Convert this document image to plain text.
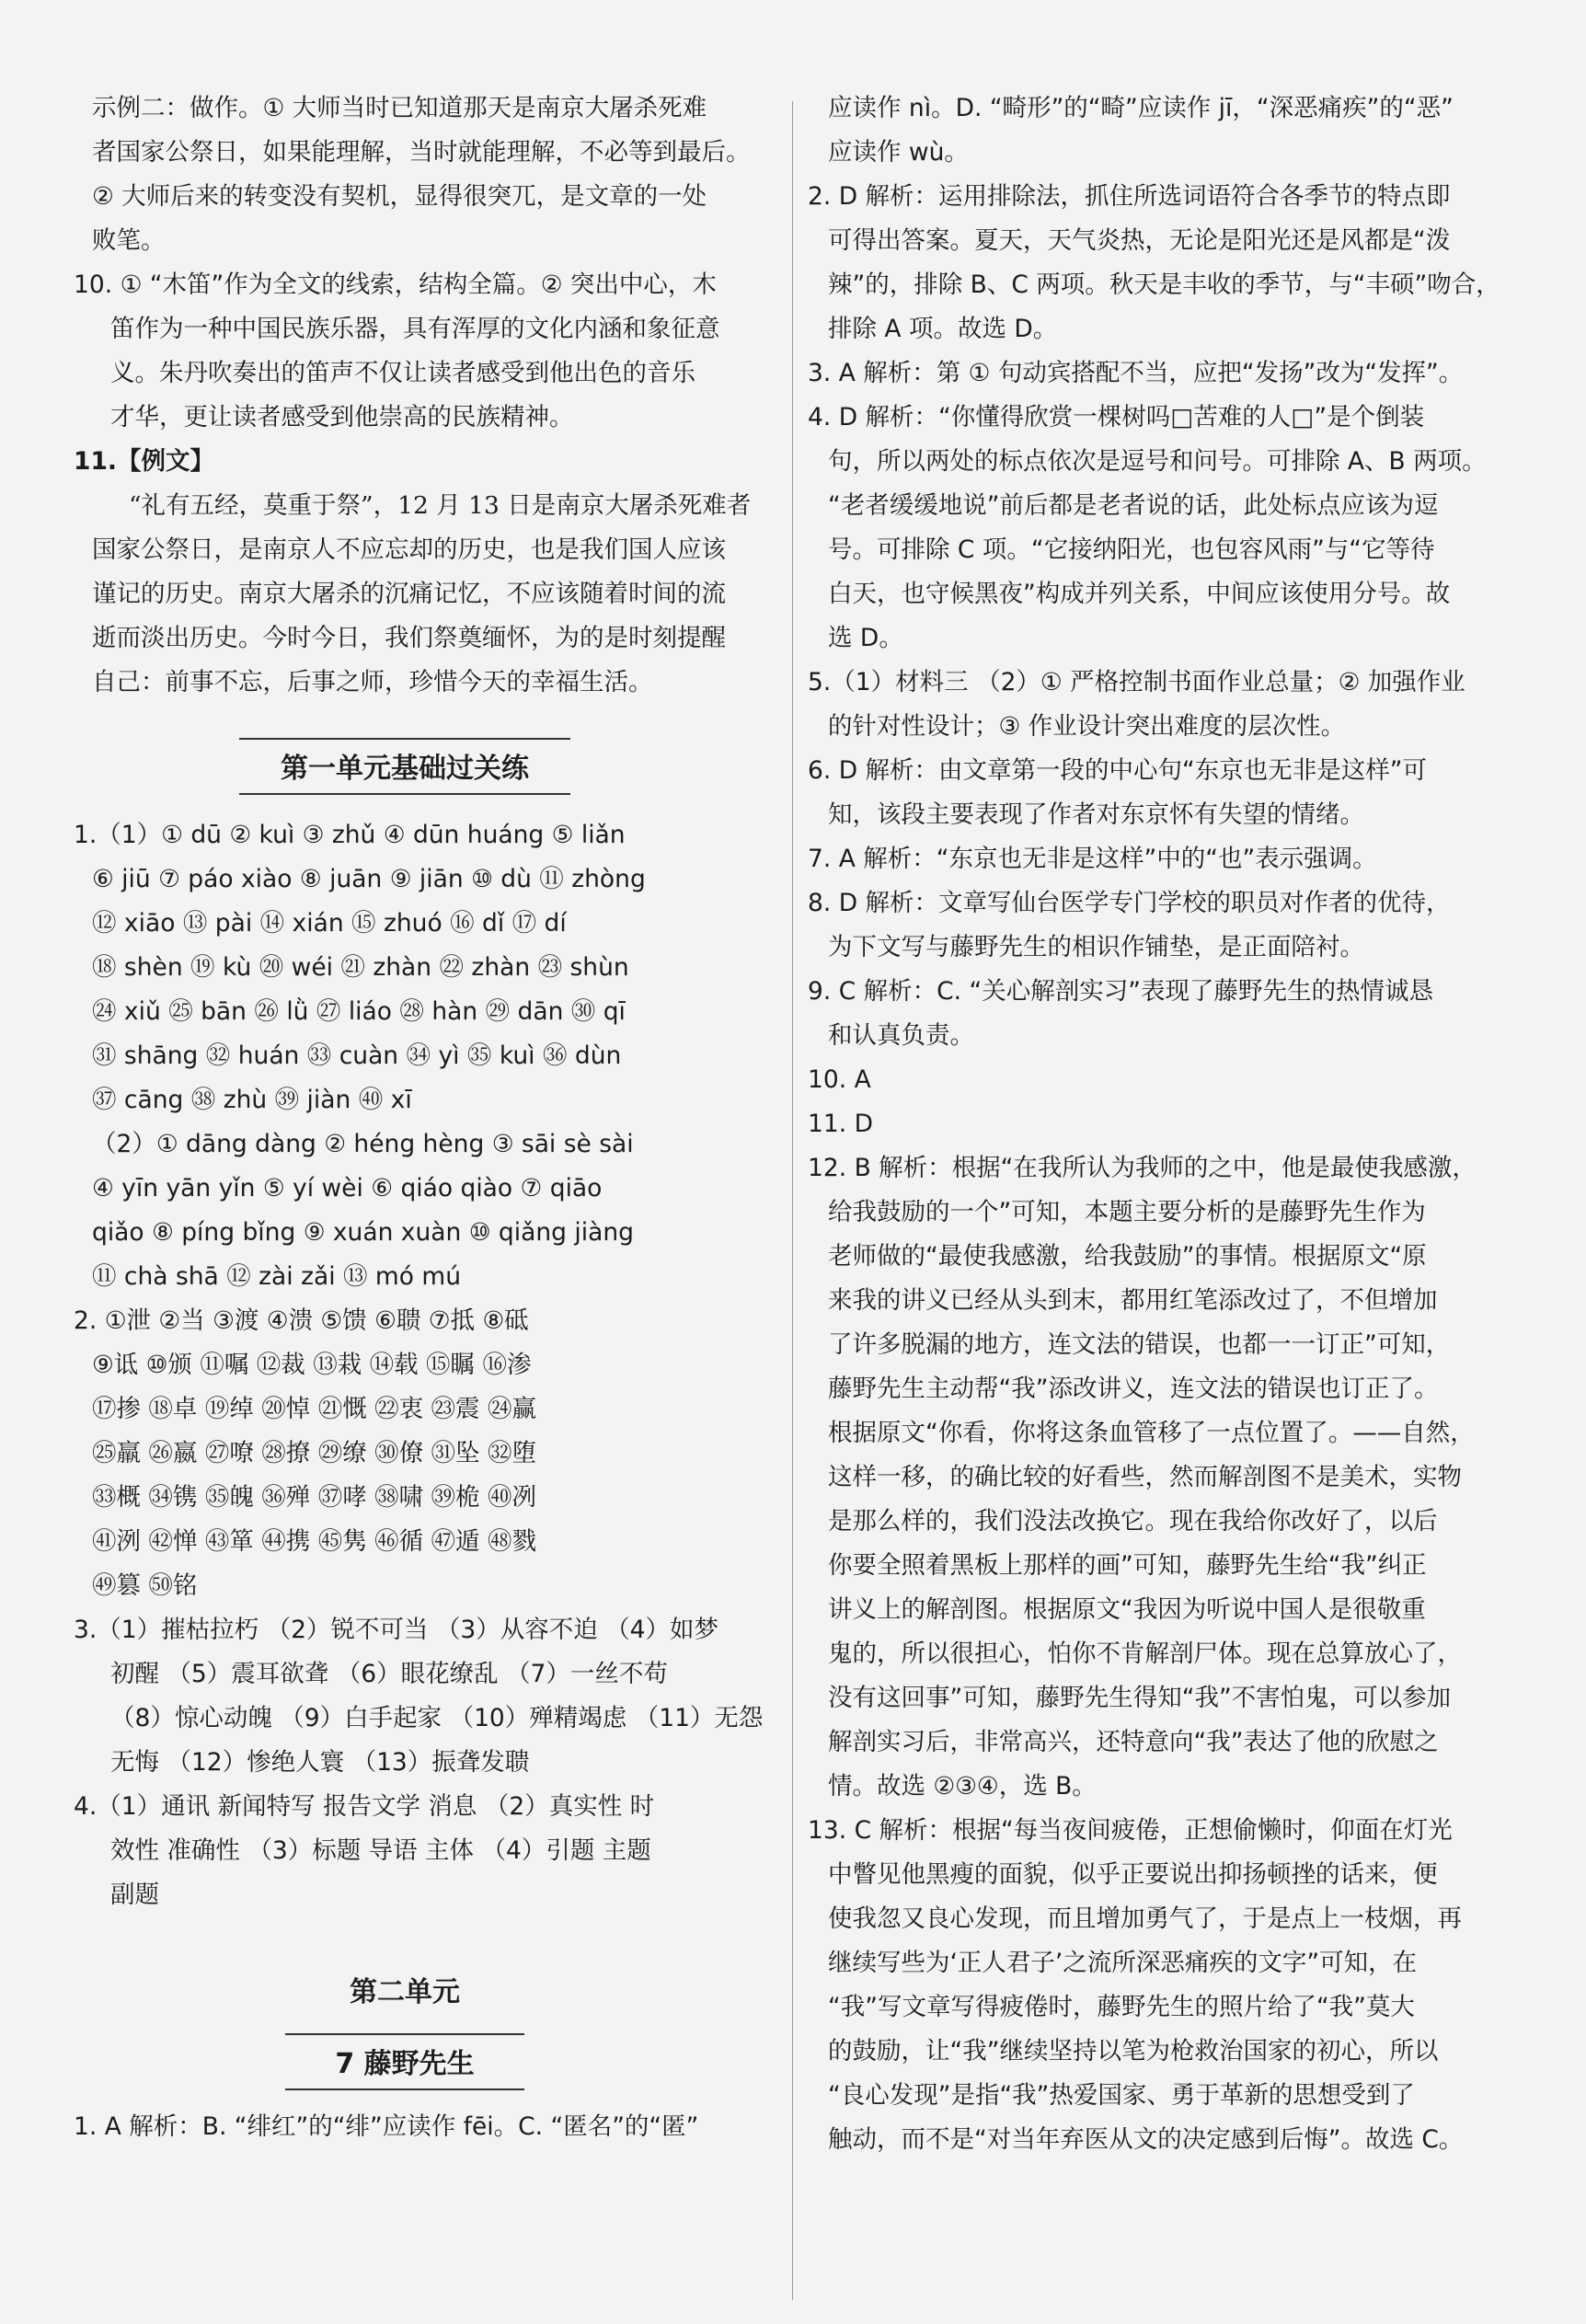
示例二：做作。① 大师当时已知道那天是南京大屠杀死难
者国家公祭日，如果能理解，当时就能理解，不必等到最后。
② 大师后来的转变没有契机，显得很突兀，是文章的一处
败笔。
10. ① “木笛”作为全文的线索，结构全篇。② 突出中心，木
笛作为一种中国民族乐器，具有浑厚的文化内涵和象征意
义。朱丹吹奏出的笛声不仅让读者感受到他出色的音乐
才华，更让读者感受到他崇高的民族精神。
11.【例文】
“礼有五经，莫重于祭”，12 月 13 日是南京大屠杀死难者
国家公祭日，是南京人不应忘却的历史，也是我们国人应该
谨记的历史。南京大屠杀的沉痛记忆，不应该随着时间的流
逝而淡出历史。今时今日，我们祭奠缅怀，为的是时刻提醒
自己：前事不忘，后事之师，珍惜今天的幸福生活。
第一单元基础过关练
1.（1）① dū ② kuì ③ zhǔ ④ dūn huáng ⑤ liǎn
⑥ jiū ⑦ páo xiào ⑧ juān ⑨ jiān ⑩ dù ⑪ zhòng
⑫ xiāo ⑬ pài ⑭ xián ⑮ zhuó ⑯ dǐ ⑰ dí
⑱ shèn ⑲ kù ⑳ wéi ㉑ zhàn ㉒ zhàn ㉓ shùn
㉔ xiǔ ㉕ bān ㉖ lǜ ㉗ liáo ㉘ hàn ㉙ dān ㉚ qī
㉛ shāng ㉜ huán ㉝ cuàn ㉞ yì ㉟ kuì ㊱ dùn
㊲ cāng ㊳ zhù ㊴ jiàn ㊵ xī
（2）① dāng dàng ② héng hèng ③ sāi sè sài
④ yīn yān yǐn ⑤ yí wèi ⑥ qiáo qiào ⑦ qiāo
qiǎo ⑧ píng bǐng ⑨ xuán xuàn ⑩ qiǎng jiàng
⑪ chà shā ⑫ zài zǎi ⑬ mó mú
2. ①泄 ②当 ③渡 ④溃 ⑤馈 ⑥聩 ⑦抵 ⑧砥
⑨诋 ⑩颁 ⑪嘱 ⑫裁 ⑬栽 ⑭载 ⑮瞩 ⑯渗
⑰掺 ⑱卓 ⑲绰 ⑳悼 ㉑慨 ㉒衷 ㉓震 ㉔赢
㉕羸 ㉖嬴 ㉗嘹 ㉘撩 ㉙缭 ㉚僚 ㉛坠 ㉜堕
㉝概 ㉞镌 ㉟魄 ㊱殚 ㊲哮 ㊳啸 ㊴桅 ㊵冽
㊶洌 ㊷惮 ㊸箪 ㊹携 ㊺隽 ㊻循 ㊼遁 ㊽戮
㊾篡 ㊿铭
3.（1）摧枯拉朽 （2）锐不可当 （3）从容不迫 （4）如梦
初醒 （5）震耳欲聋 （6）眼花缭乱 （7）一丝不苟
（8）惊心动魄 （9）白手起家 （10）殚精竭虑 （11）无怨
无悔 （12）惨绝人寰 （13）振聋发聩
4.（1）通讯 新闻特写 报告文学 消息 （2）真实性 时
效性 准确性 （3）标题 导语 主体 （4）引题 主题
副题
第二单元
7 藤野先生
1. A 解析：B. “绯红”的“绯”应读作 fēi。C. “匿名”的“匿”
应读作 nì。D. “畸形”的“畸”应读作 jī，“深恶痛疾”的“恶”
应读作 wù。
2. D 解析：运用排除法，抓住所选词语符合各季节的特点即
可得出答案。夏天，天气炎热，无论是阳光还是风都是“泼
辣”的，排除 B、C 两项。秋天是丰收的季节，与“丰硕”吻合，
排除 A 项。故选 D。
3. A 解析：第 ① 句动宾搭配不当，应把“发扬”改为“发挥”。
4. D 解析：“你懂得欣赏一棵树吗□苦难的人□”是个倒装
句，所以两处的标点依次是逗号和问号。可排除 A、B 两项。
“老者缓缓地说”前后都是老者说的话，此处标点应该为逗
号。可排除 C 项。“它接纳阳光，也包容风雨”与“它等待
白天，也守候黑夜”构成并列关系，中间应该使用分号。故
选 D。
5.（1）材料三 （2）① 严格控制书面作业总量；② 加强作业
的针对性设计；③ 作业设计突出难度的层次性。
6. D 解析：由文章第一段的中心句“东京也无非是这样”可
知，该段主要表现了作者对东京怀有失望的情绪。
7. A 解析：“东京也无非是这样”中的“也”表示强调。
8. D 解析：文章写仙台医学专门学校的职员对作者的优待，
为下文写与藤野先生的相识作铺垫，是正面陪衬。
9. C 解析：C. “关心解剖实习”表现了藤野先生的热情诚恳
和认真负责。
10. A
11. D
12. B 解析：根据“在我所认为我师的之中，他是最使我感激，
给我鼓励的一个”可知，本题主要分析的是藤野先生作为
老师做的“最使我感激，给我鼓励”的事情。根据原文“原
来我的讲义已经从头到末，都用红笔添改过了，不但增加
了许多脱漏的地方，连文法的错误，也都一一订正”可知，
藤野先生主动帮“我”添改讲义，连文法的错误也订正了。
根据原文“你看，你将这条血管移了一点位置了。——自然，
这样一移，的确比较的好看些，然而解剖图不是美术，实物
是那么样的，我们没法改换它。现在我给你改好了，以后
你要全照着黑板上那样的画”可知，藤野先生给“我”纠正
讲义上的解剖图。根据原文“我因为听说中国人是很敬重
鬼的，所以很担心，怕你不肯解剖尸体。现在总算放心了，
没有这回事”可知，藤野先生得知“我”不害怕鬼，可以参加
解剖实习后，非常高兴，还特意向“我”表达了他的欣慰之
情。故选 ②③④，选 B。
13. C 解析：根据“每当夜间疲倦，正想偷懒时，仰面在灯光
中瞥见他黑瘦的面貌，似乎正要说出抑扬顿挫的话来，便
使我忽又良心发现，而且增加勇气了，于是点上一枝烟，再
继续写些为‘正人君子’之流所深恶痛疾的文字”可知，在
“我”写文章写得疲倦时，藤野先生的照片给了“我”莫大
的鼓励，让“我”继续坚持以笔为枪救治国家的初心，所以
“良心发现”是指“我”热爱国家、勇于革新的思想受到了
触动，而不是“对当年弃医从文的决定感到后悔”。故选 C。
